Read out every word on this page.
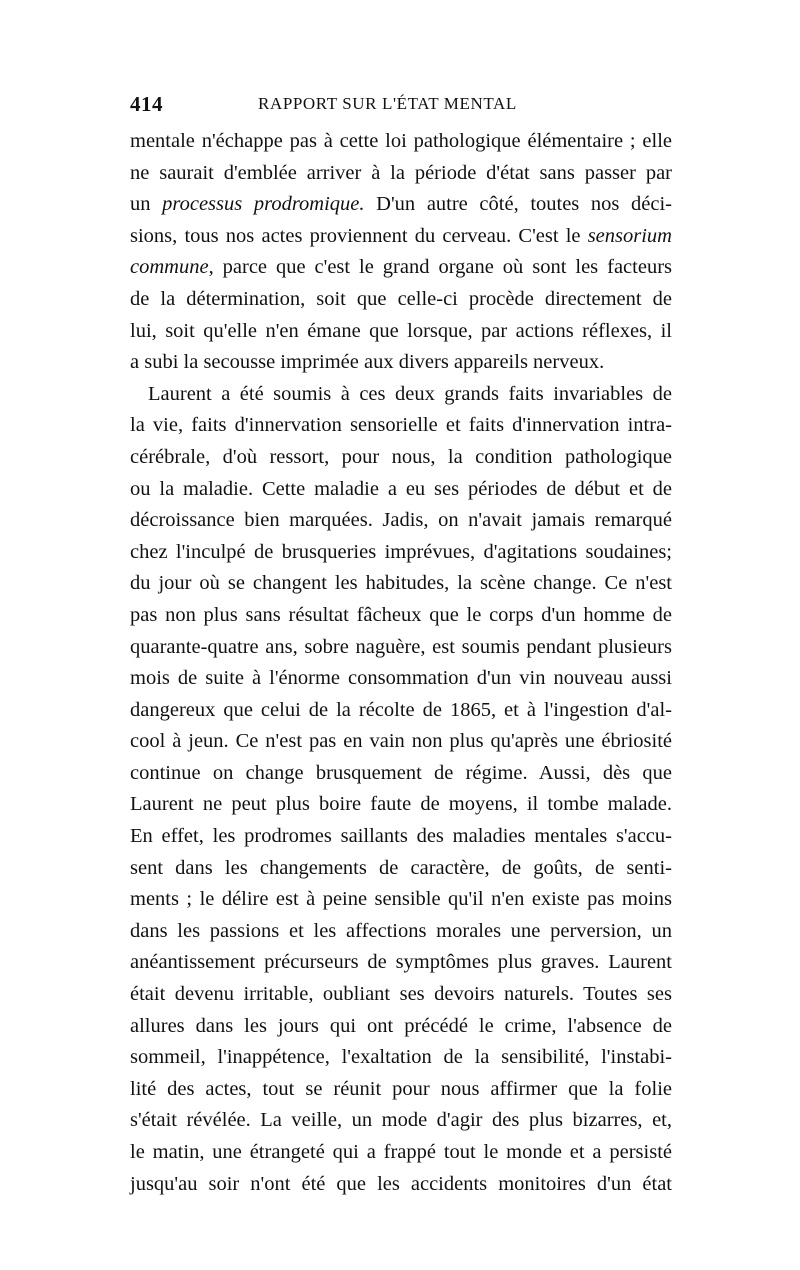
414	RAPPORT SUR L'ÉTAT MENTAL
mentale n'échappe pas à cette loi pathologique élémentaire ; elle
ne saurait d'emblée arriver à la période d'état sans passer par
un processus prodromique. D'un autre côté, toutes nos déci-
sions, tous nos actes proviennent du cerveau. C'est le sensorium
commune, parce que c'est le grand organe où sont les facteurs
de la détermination, soit que celle-ci procède directement de
lui, soit qu'elle n'en émane que lorsque, par actions réflexes, il
a subi la secousse imprimée aux divers appareils nerveux.
Laurent a été soumis à ces deux grands faits invariables de
la vie, faits d'innervation sensorielle et faits d'innervation intra-
cérébrale, d'où ressort, pour nous, la condition pathologique
ou la maladie. Cette maladie a eu ses périodes de début et de
décroissance bien marquées. Jadis, on n'avait jamais remarqué
chez l'inculpé de brusqueries imprévues, d'agitations soudaines;
du jour où se changent les habitudes, la scène change. Ce n'est
pas non plus sans résultat fâcheux que le corps d'un homme de
quarante-quatre ans, sobre naguère, est soumis pendant plusieurs
mois de suite à l'énorme consommation d'un vin nouveau aussi
dangereux que celui de la récolte de 1865, et à l'ingestion d'al-
cool à jeun. Ce n'est pas en vain non plus qu'après une ébriosité
continue on change brusquement de régime. Aussi, dès que
Laurent ne peut plus boire faute de moyens, il tombe malade.
En effet, les prodromes saillants des maladies mentales s'accu-
sent dans les changements de caractère, de goûts, de senti-
ments ; le délire est à peine sensible qu'il n'en existe pas moins
dans les passions et les affections morales une perversion, un
anéantissement précurseurs de symptômes plus graves. Laurent
était devenu irritable, oubliant ses devoirs naturels. Toutes ses
allures dans les jours qui ont précédé le crime, l'absence de
sommeil, l'inappétence, l'exaltation de la sensibilité, l'instabi-
lité des actes, tout se réunit pour nous affirmer que la folie
s'était révélée. La veille, un mode d'agir des plus bizarres, et,
le matin, une étrangeté qui a frappé tout le monde et a persisté
jusqu'au soir n'ont été que les accidents monitoires d'un état
